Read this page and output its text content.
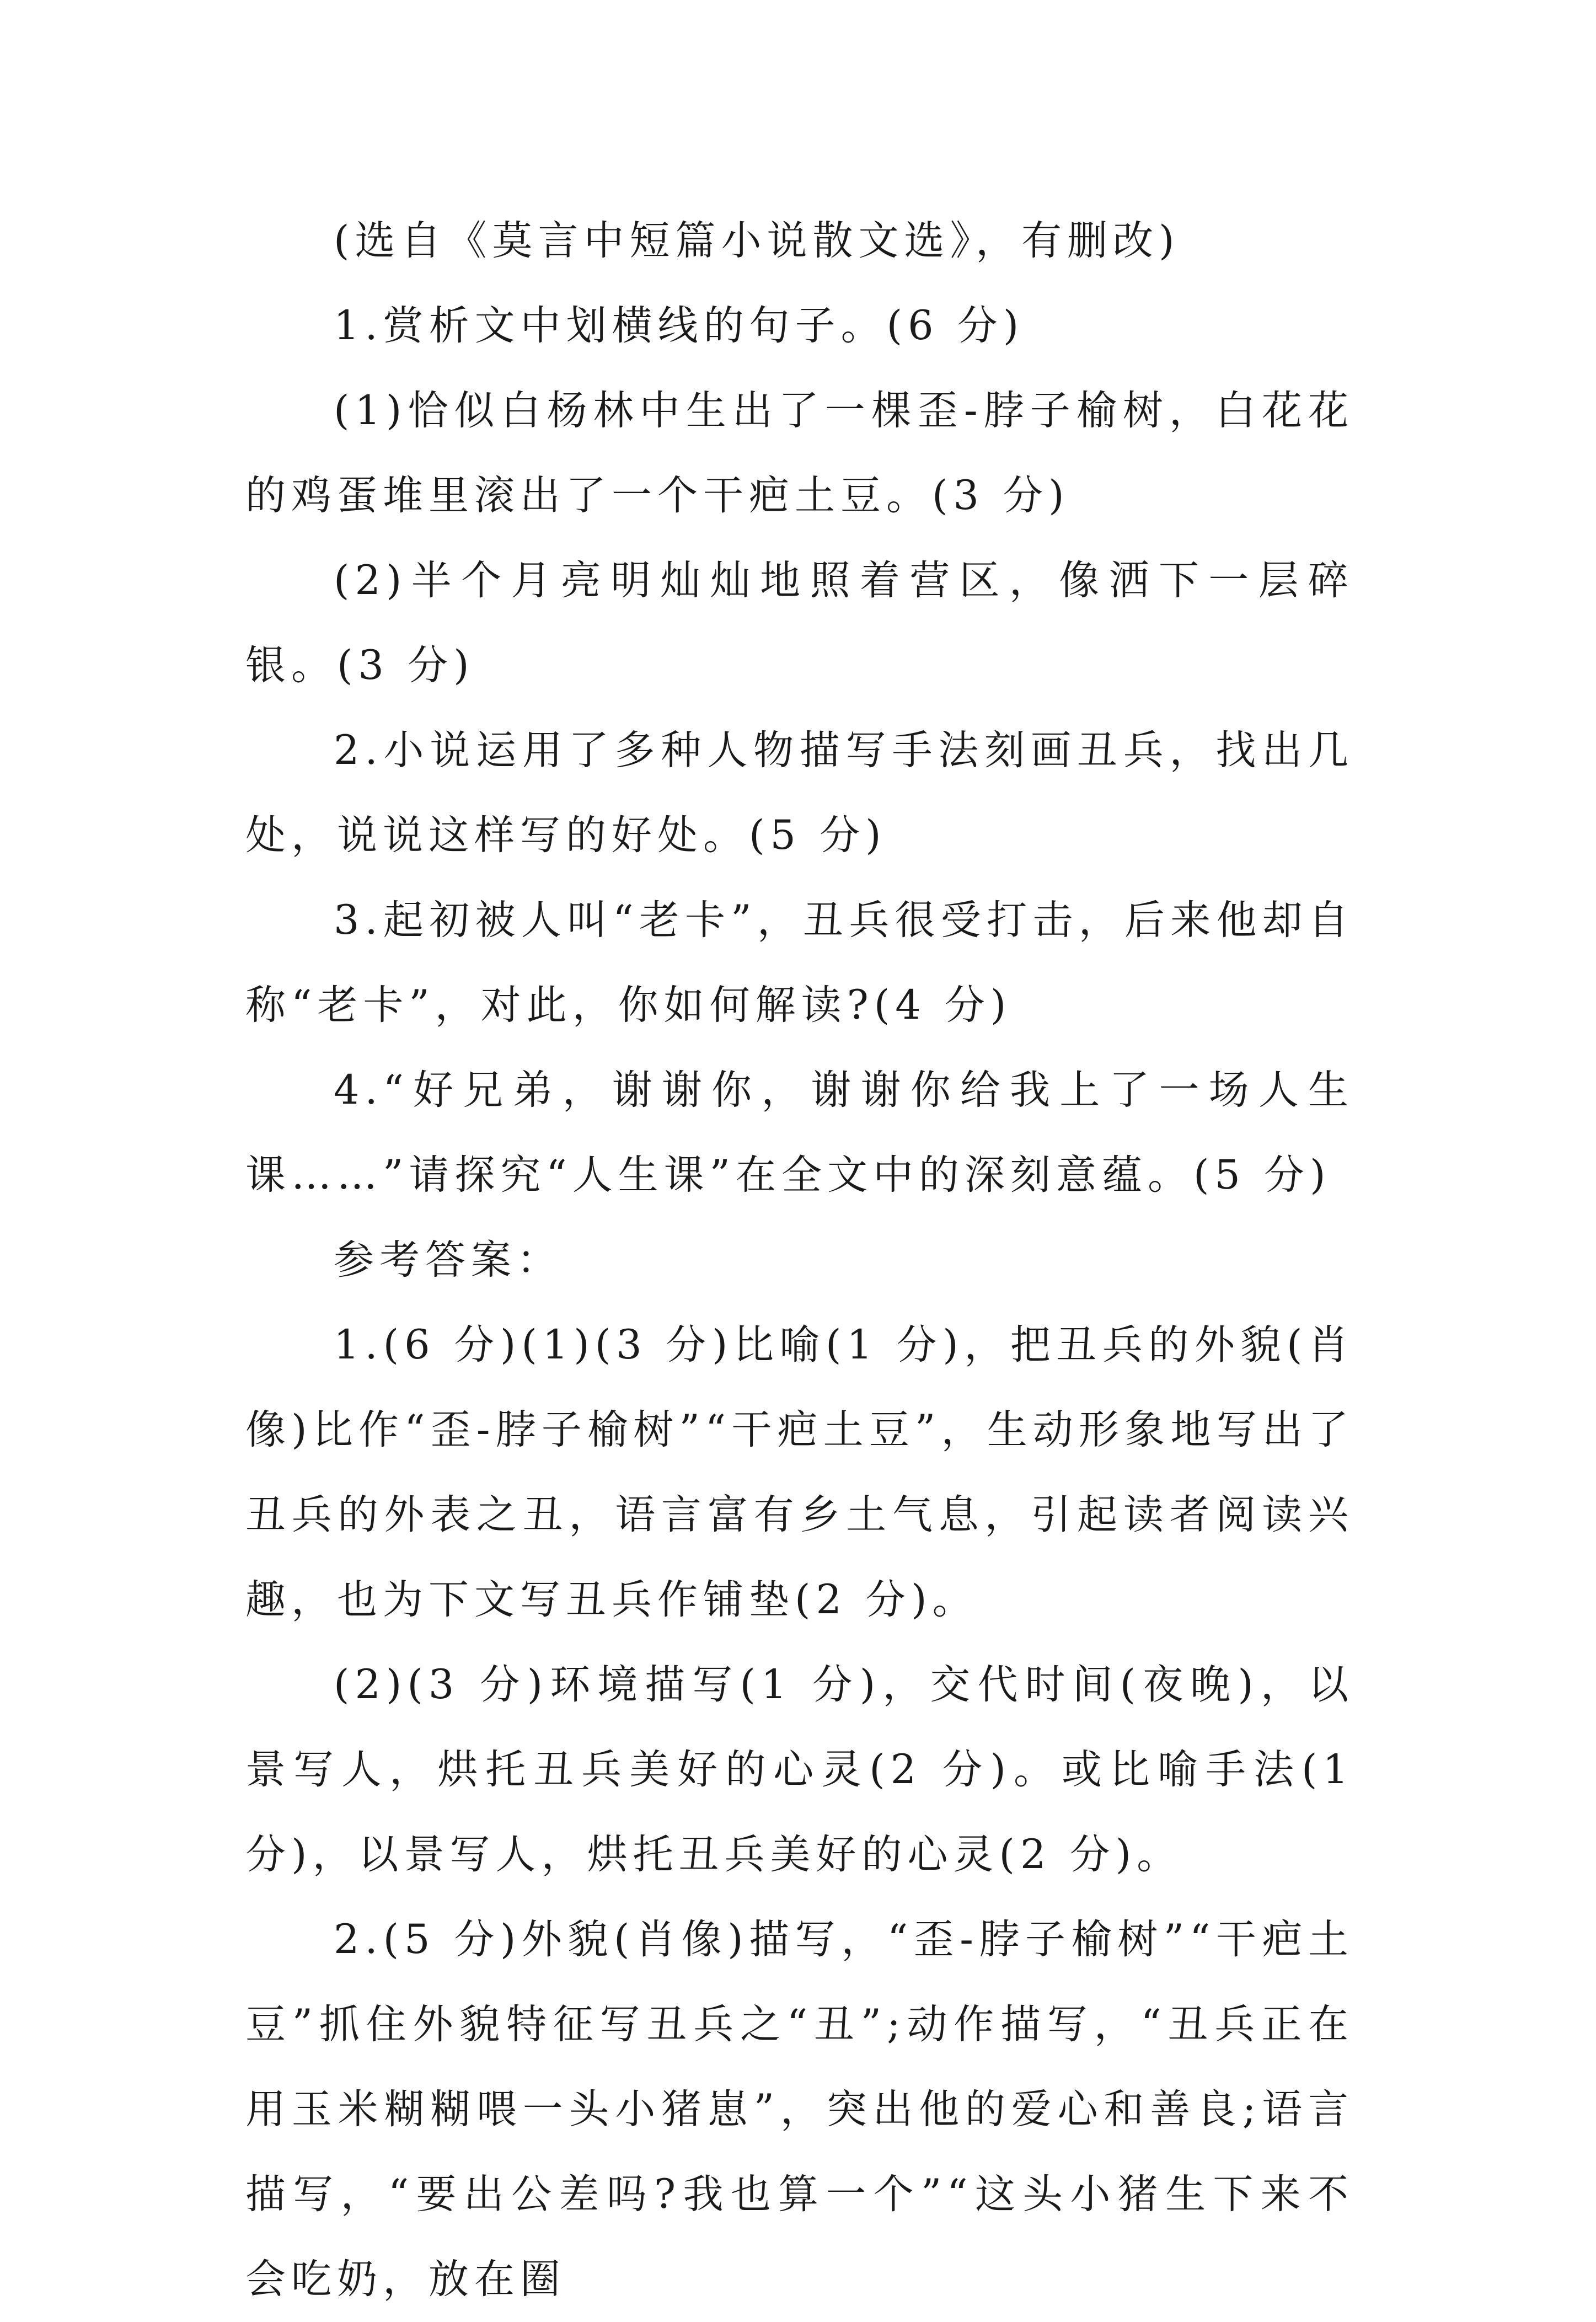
(选自《莫言中短篇小说散文选》，有删改)

1.赏析文中划横线的句子。(6 分)

(1)恰似白杨林中生出了一棵歪-脖子榆树，白花花的鸡蛋堆里滚出了一个干疤土豆。(3 分)

(2)半个月亮明灿灿地照着营区，像洒下一层碎银。(3 分)

2.小说运用了多种人物描写手法刻画丑兵，找出几处，说说这样写的好处。(5 分)

3.起初被人叫“老卡”，丑兵很受打击，后来他却自称“老卡”，对此，你如何解读?(4 分)

4.“好兄弟，谢谢你，谢谢你给我上了一场人生课……”请探究“人生课”在全文中的深刻意蕴。(5 分)

参考答案：

1.(6 分)(1)(3 分)比喻(1 分)，把丑兵的外貌(肖像)比作“歪-脖子榆树”“干疤土豆”，生动形象地写出了丑兵的外表之丑，语言富有乡土气息，引起读者阅读兴趣，也为下文写丑兵作铺垫(2 分)。

(2)(3 分)环境描写(1 分)，交代时间(夜晚)，以景写人，烘托丑兵美好的心灵(2 分)。或比喻手法(1 分)，以景写人，烘托丑兵美好的心灵(2 分)。

2.(5 分)外貌(肖像)描写，“歪-脖子榆树”“干疤土豆”抓住外貌特征写丑兵之“丑”;动作描写，“丑兵正在用玉米糊糊喂一头小猪崽”，突出他的爱心和善良;语言描写，“要出公差吗?我也算一个”“这头小猪生下来不会吃奶，放在圈
